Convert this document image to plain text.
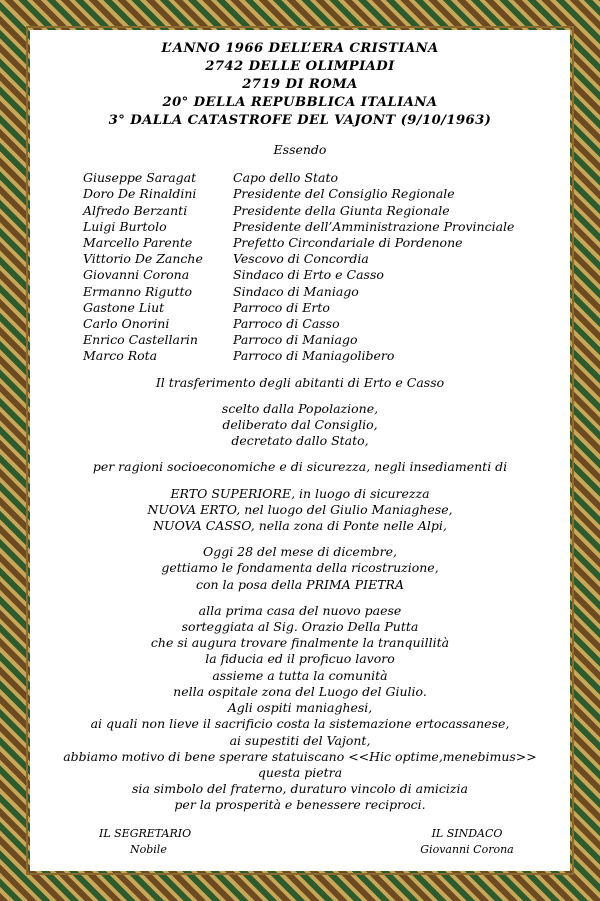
L’ANNO 1966 DELL’ERA CRISTIANA
2742 DELLE OLIMPIADI
2719 DI ROMA
20° DELLA REPUBBLICA ITALIANA
3° DALLA CATASTROFE DEL VAJONT (9/10/1963)

Essendo

Giuseppe Saragat	Capo dello Stato
Doro De Rinaldini	Presidente del Consiglio Regionale
Alfredo Berzanti	Presidente della Giunta Regionale
Luigi Burtolo	Presidente dell’Amministrazione Provinciale
Marcello Parente	Prefetto Circondariale di Pordenone
Vittorio De Zanche	Vescovo di Concordia
Giovanni Corona	Sindaco di Erto e Casso
Ermanno Rigutto	Sindaco di Maniago
Gastone Liut	Parroco di Erto
Carlo Onorini	Parroco di Casso
Enrico Castellarin	Parroco di Maniago
Marco Rota	Parroco di Maniagolibero

Il trasferimento degli abitanti di Erto e Casso

scelto dalla Popolazione,
deliberato dal Consiglio,
decretato dallo Stato,

per ragioni socioeconomiche e di sicurezza, negli insediamenti di

ERTO SUPERIORE, in luogo di sicurezza
NUOVA ERTO, nel luogo del Giulio Maniaghese,
NUOVA CASSO, nella zona di Ponte nelle Alpi,
Oggi 28 del mese di dicembre,
gettiamo le fondamenta della ricostruzione,
con la posa della PRIMA PIETRA
alla prima casa del nuovo paese
sorteggiata al Sig. Orazio Della Putta
che si augura trovare finalmente la tranquillità
la fiducia ed il proficuo lavoro
assieme a tutta la comunità
nella ospitale zona del Luogo del Giulio.
Agli ospiti maniaghesi,
ai quali non lieve il sacrificio costa la sistemazione ertocassanese,
ai supestiti del Vajont,
abbiamo motivo di bene sperare statuiscano <<Hic optime,menebimus>>
questa pietra
sia simbolo del fraterno, duraturo vincolo di amicizia
per la prosperità e benessere reciproci.
IL SEGRETARIO
Nobile
IL SINDACO
Giovanni Corona
